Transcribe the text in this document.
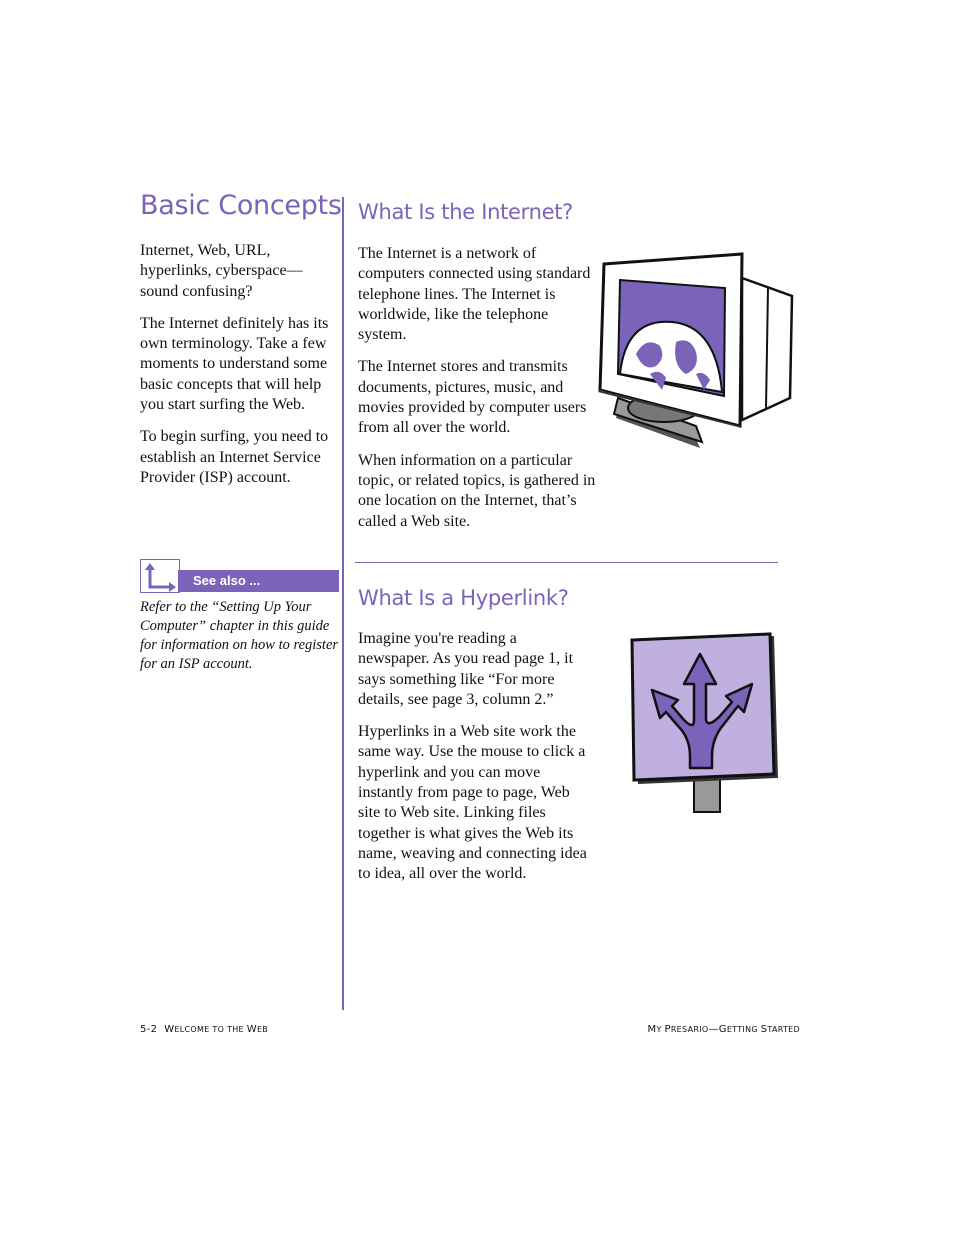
Basic Concepts

Internet, Web, URL, hyperlinks, cyberspace— sound confusing?

The Internet definitely has its own terminology. Take a few moments to understand some basic concepts that will help you start surfing the Web.

To begin surfing, you need to establish an Internet Service Provider (ISP) account.

See also ...
Refer to the “Setting Up Your Computer” chapter in this guide for information on how to register for an ISP account.
What Is the Internet?

The Internet is a network of computers connected using standard telephone lines. The Internet is worldwide, like the telephone system.

The Internet stores and transmits documents, pictures, music, and movies provided by computer users from all over the world.

When information on a particular topic, or related topics, is gathered in one location on the Internet, that’s called a Web site.

What Is a Hyperlink?

Imagine you're reading a newspaper. As you read page 1, it says something like “For more details, see page 3, column 2.”

Hyperlinks in a Web site work the same way. Use the mouse to click a hyperlink and you can move instantly from page to page, Web site to Web site. Linking files together is what gives the Web its name, weaving and connecting idea to idea, all over the world.

5-2 WELCOME TO THE WEB	MY PRESARIO—GETTING STARTED
